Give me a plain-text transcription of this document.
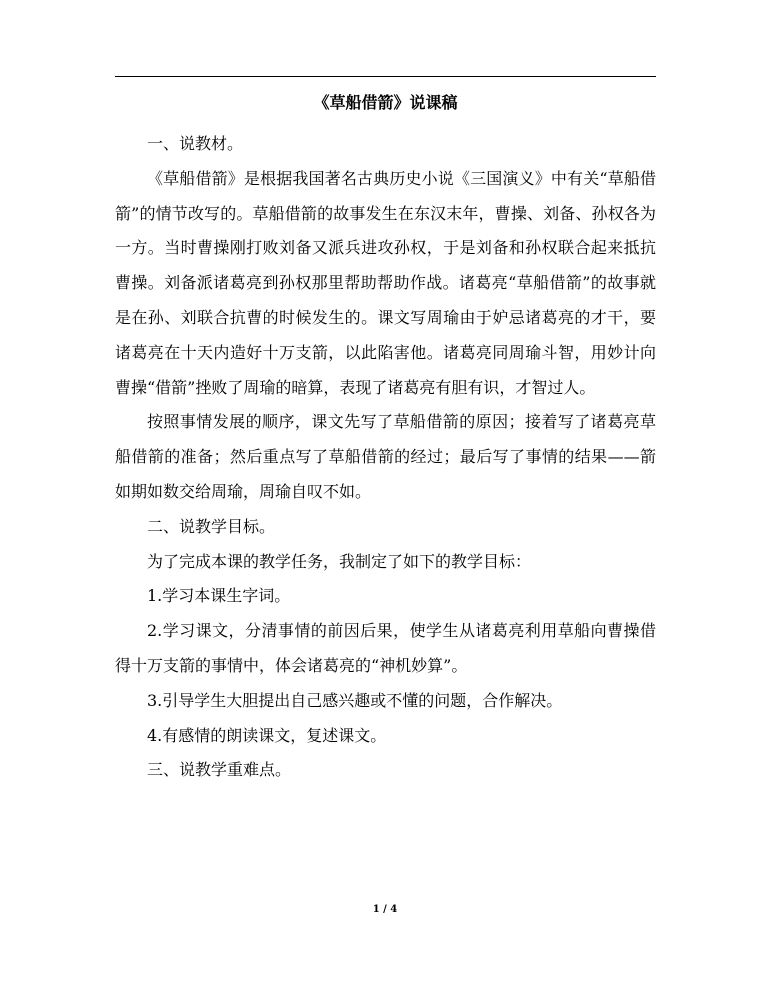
《草船借箭》说课稿

一、说教材。

《草船借箭》是根据我国著名古典历史小说《三国演义》中有关“草船借箭”的情节改写的。草船借箭的故事发生在东汉末年，曹操、刘备、孙权各为一方。当时曹操刚打败刘备又派兵进攻孙权，于是刘备和孙权联合起来抵抗曹操。刘备派诸葛亮到孙权那里帮助帮助作战。诸葛亮“草船借箭”的故事就是在孙、刘联合抗曹的时候发生的。课文写周瑜由于妒忌诸葛亮的才干，要诸葛亮在十天内造好十万支箭，以此陷害他。诸葛亮同周瑜斗智，用妙计向曹操“借箭”挫败了周瑜的暗算，表现了诸葛亮有胆有识，才智过人。

按照事情发展的顺序，课文先写了草船借箭的原因；接着写了诸葛亮草船借箭的准备；然后重点写了草船借箭的经过；最后写了事情的结果——箭如期如数交给周瑜，周瑜自叹不如。

二、说教学目标。

为了完成本课的教学任务，我制定了如下的教学目标：

1.学习本课生字词。

2.学习课文，分清事情的前因后果，使学生从诸葛亮利用草船向曹操借得十万支箭的事情中，体会诸葛亮的“神机妙算”。

3.引导学生大胆提出自己感兴趣或不懂的问题，合作解决。

4.有感情的朗读课文，复述课文。

三、说教学重难点。

1 / 4
